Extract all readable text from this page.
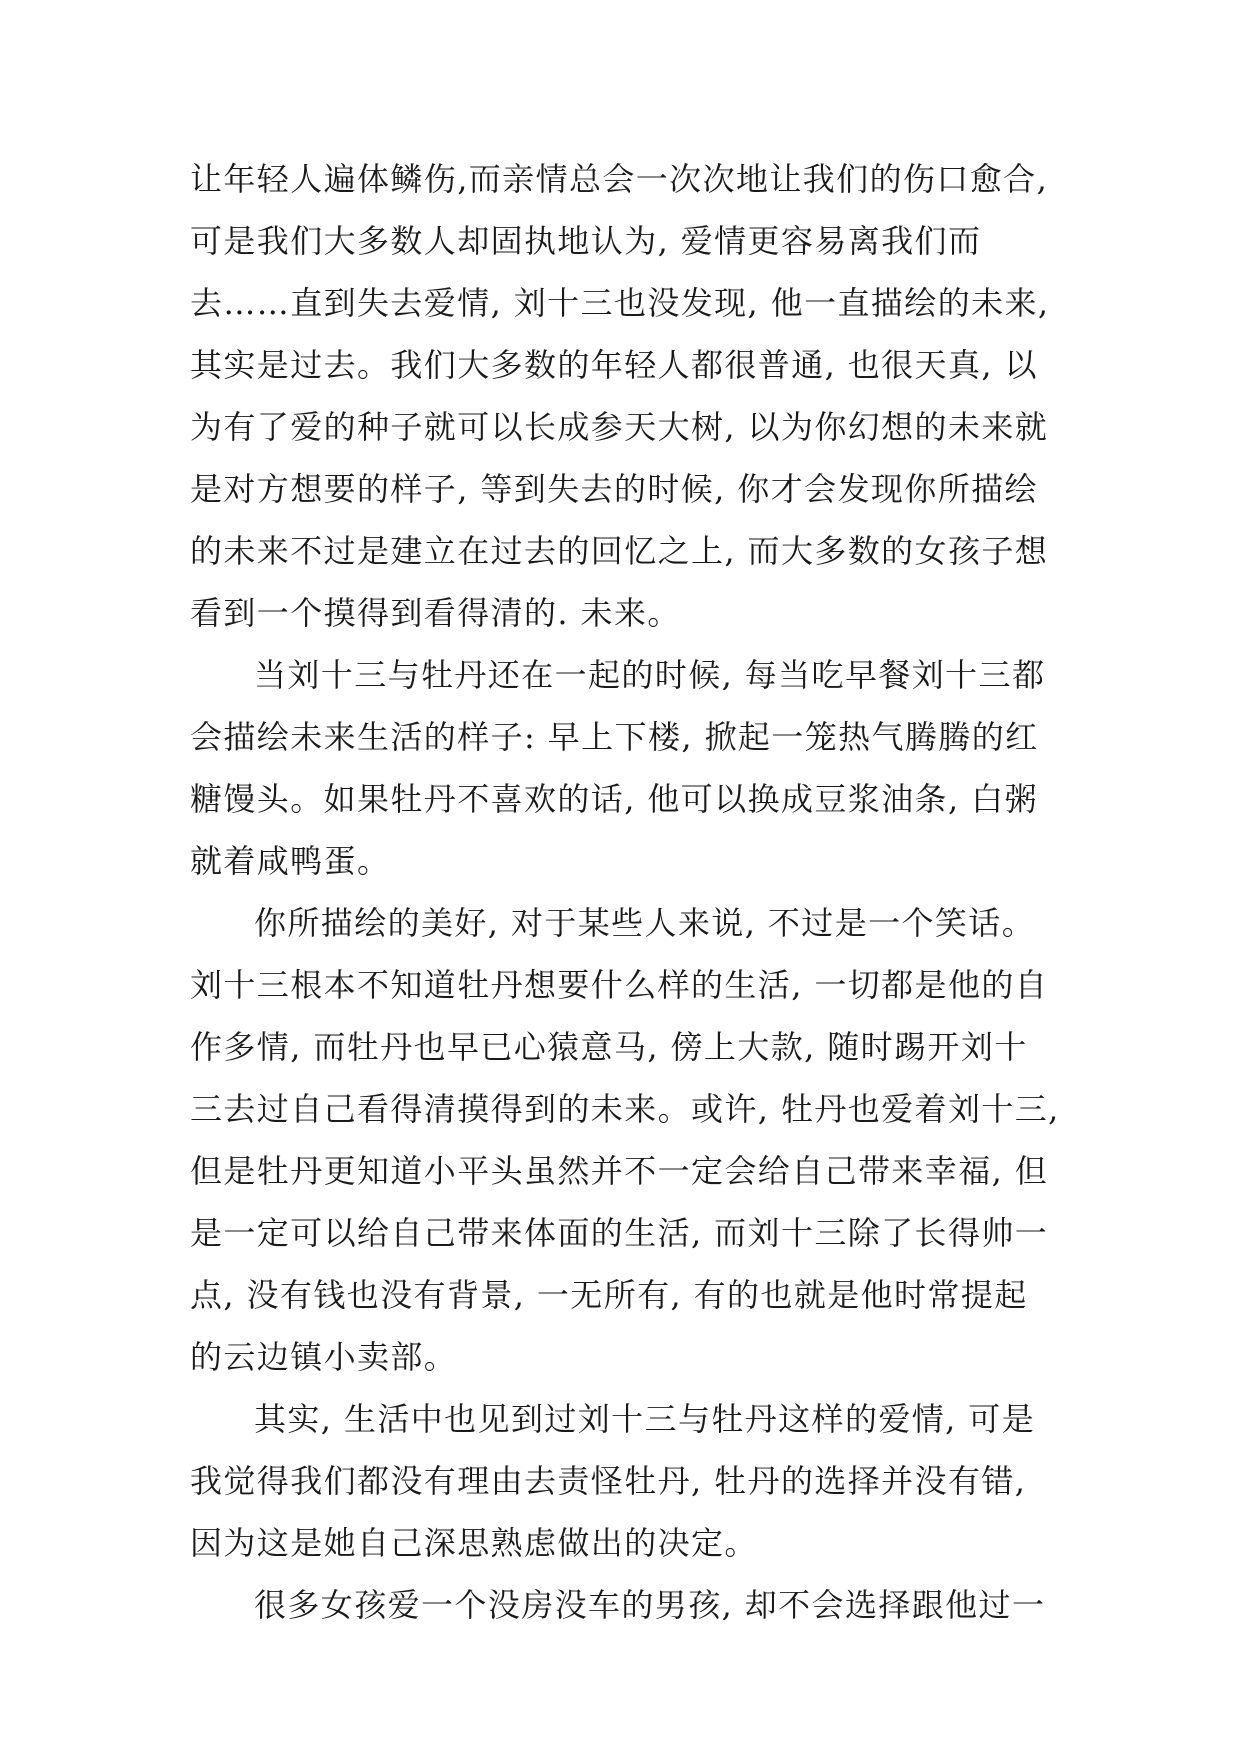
让年轻人遍体鳞伤,而亲情总会一次次地让我们的伤口愈合,
可是我们大多数人却固执地认为, 爱情更容易离我们而
去……直到失去爱情, 刘十三也没发现, 他一直描绘的未来,
其实是过去。我们大多数的年轻人都很普通, 也很天真, 以
为有了爱的种子就可以长成参天大树, 以为你幻想的未来就
是对方想要的样子, 等到失去的时候, 你才会发现你所描绘
的未来不过是建立在过去的回忆之上, 而大多数的女孩子想
看到一个摸得到看得清的. 未来。
当刘十三与牡丹还在一起的时候, 每当吃早餐刘十三都
会描绘未来生活的样子: 早上下楼, 掀起一笼热气腾腾的红
糖馒头。如果牡丹不喜欢的话, 他可以换成豆浆油条, 白粥
就着咸鸭蛋。
你所描绘的美好, 对于某些人来说, 不过是一个笑话。
刘十三根本不知道牡丹想要什么样的生活, 一切都是他的自
作多情, 而牡丹也早已心猿意马, 傍上大款, 随时踢开刘十
三去过自己看得清摸得到的未来。或许, 牡丹也爱着刘十三,
但是牡丹更知道小平头虽然并不一定会给自己带来幸福, 但
是一定可以给自己带来体面的生活, 而刘十三除了长得帅一
点, 没有钱也没有背景, 一无所有, 有的也就是他时常提起
的云边镇小卖部。
其实, 生活中也见到过刘十三与牡丹这样的爱情, 可是
我觉得我们都没有理由去责怪牡丹, 牡丹的选择并没有错,
因为这是她自己深思熟虑做出的决定。
很多女孩爱一个没房没车的男孩, 却不会选择跟他过一
